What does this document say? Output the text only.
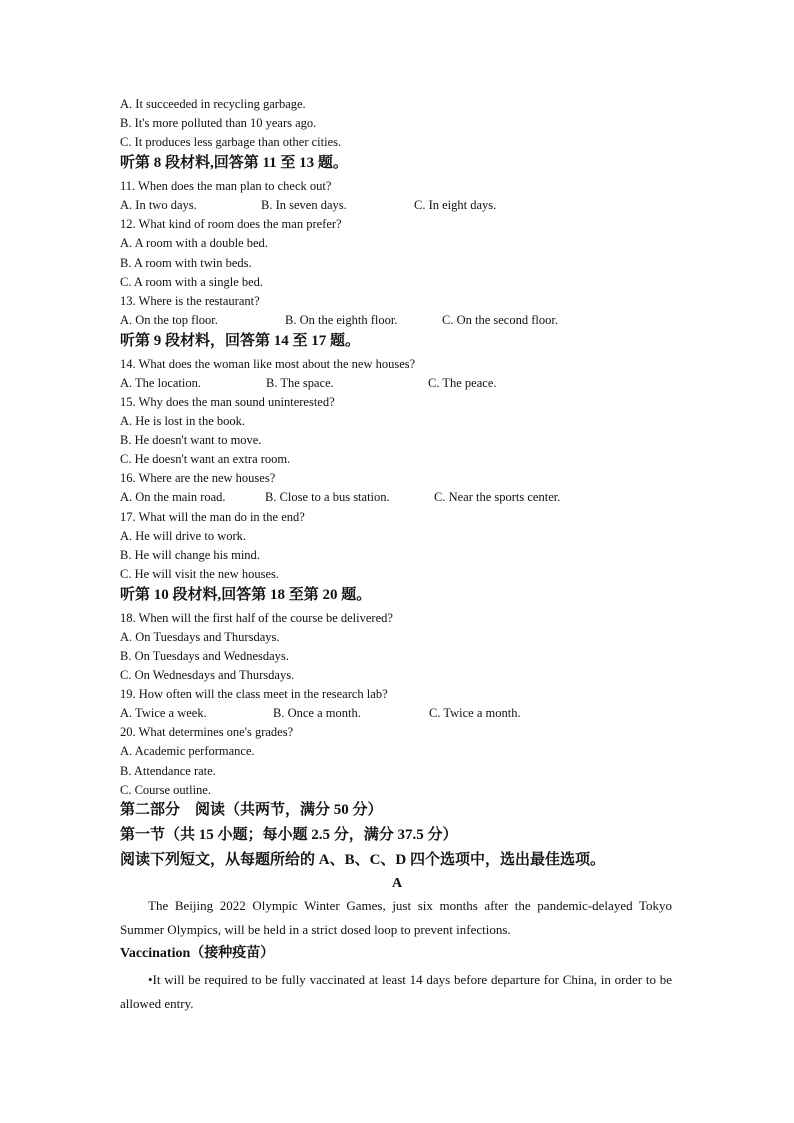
A. It succeeded in recycling garbage.
B. It's more polluted than 10 years ago.
C. It produces less garbage than other cities.
听第 8 段材料,回答第 11 至 13 题。
11. When does the man plan to check out?
A. In two days.	B. In seven days.	C. In eight days.
12. What kind of room does the man prefer?
A. A room with a double bed.
B. A room with twin beds.
C. A room with a single bed.
13. Where is the restaurant?
A. On the top floor.	B. On the eighth floor.	C. On the second floor.
听第 9 段材料，回答第 14 至 17 题。
14. What does the woman like most about the new houses?
A. The location.	B. The space.	C. The peace.
15. Why does the man sound uninterested?
A. He is lost in the book.
B. He doesn't want to move.
C. He doesn't want an extra room.
16. Where are the new houses?
A. On the main road.	B. Close to a bus station.	C. Near the sports center.
17. What will the man do in the end?
A. He will drive to work.
B. He will change his mind.
C. He will visit the new houses.
听第 10 段材料,回答第 18 至第 20 题。
18. When will the first half of the course be delivered?
A. On Tuesdays and Thursdays.
B. On Tuesdays and Wednesdays.
C. On Wednesdays and Thursdays.
19. How often will the class meet in the research lab?
A. Twice a week.	B. Once a month.	C. Twice a month.
20. What determines one's grades?
A. Academic performance.
B. Attendance rate.
C. Course outline.
第二部分　阅读（共两节，满分 50 分）
第一节（共 15 小题；每小题 2.5 分，满分 37.5 分）
阅读下列短文，从每题所给的 A、B、C、D 四个选项中，选出最佳选项。
A
The Beijing 2022 Olympic Winter Games, just six months after the pandemic-delayed Tokyo Summer Olympics, will be held in a strict dosed loop to prevent infections.
Vaccination（接种疫苗）
•It will be required to be fully vaccinated at least 14 days before departure for China, in order to be allowed entry.
